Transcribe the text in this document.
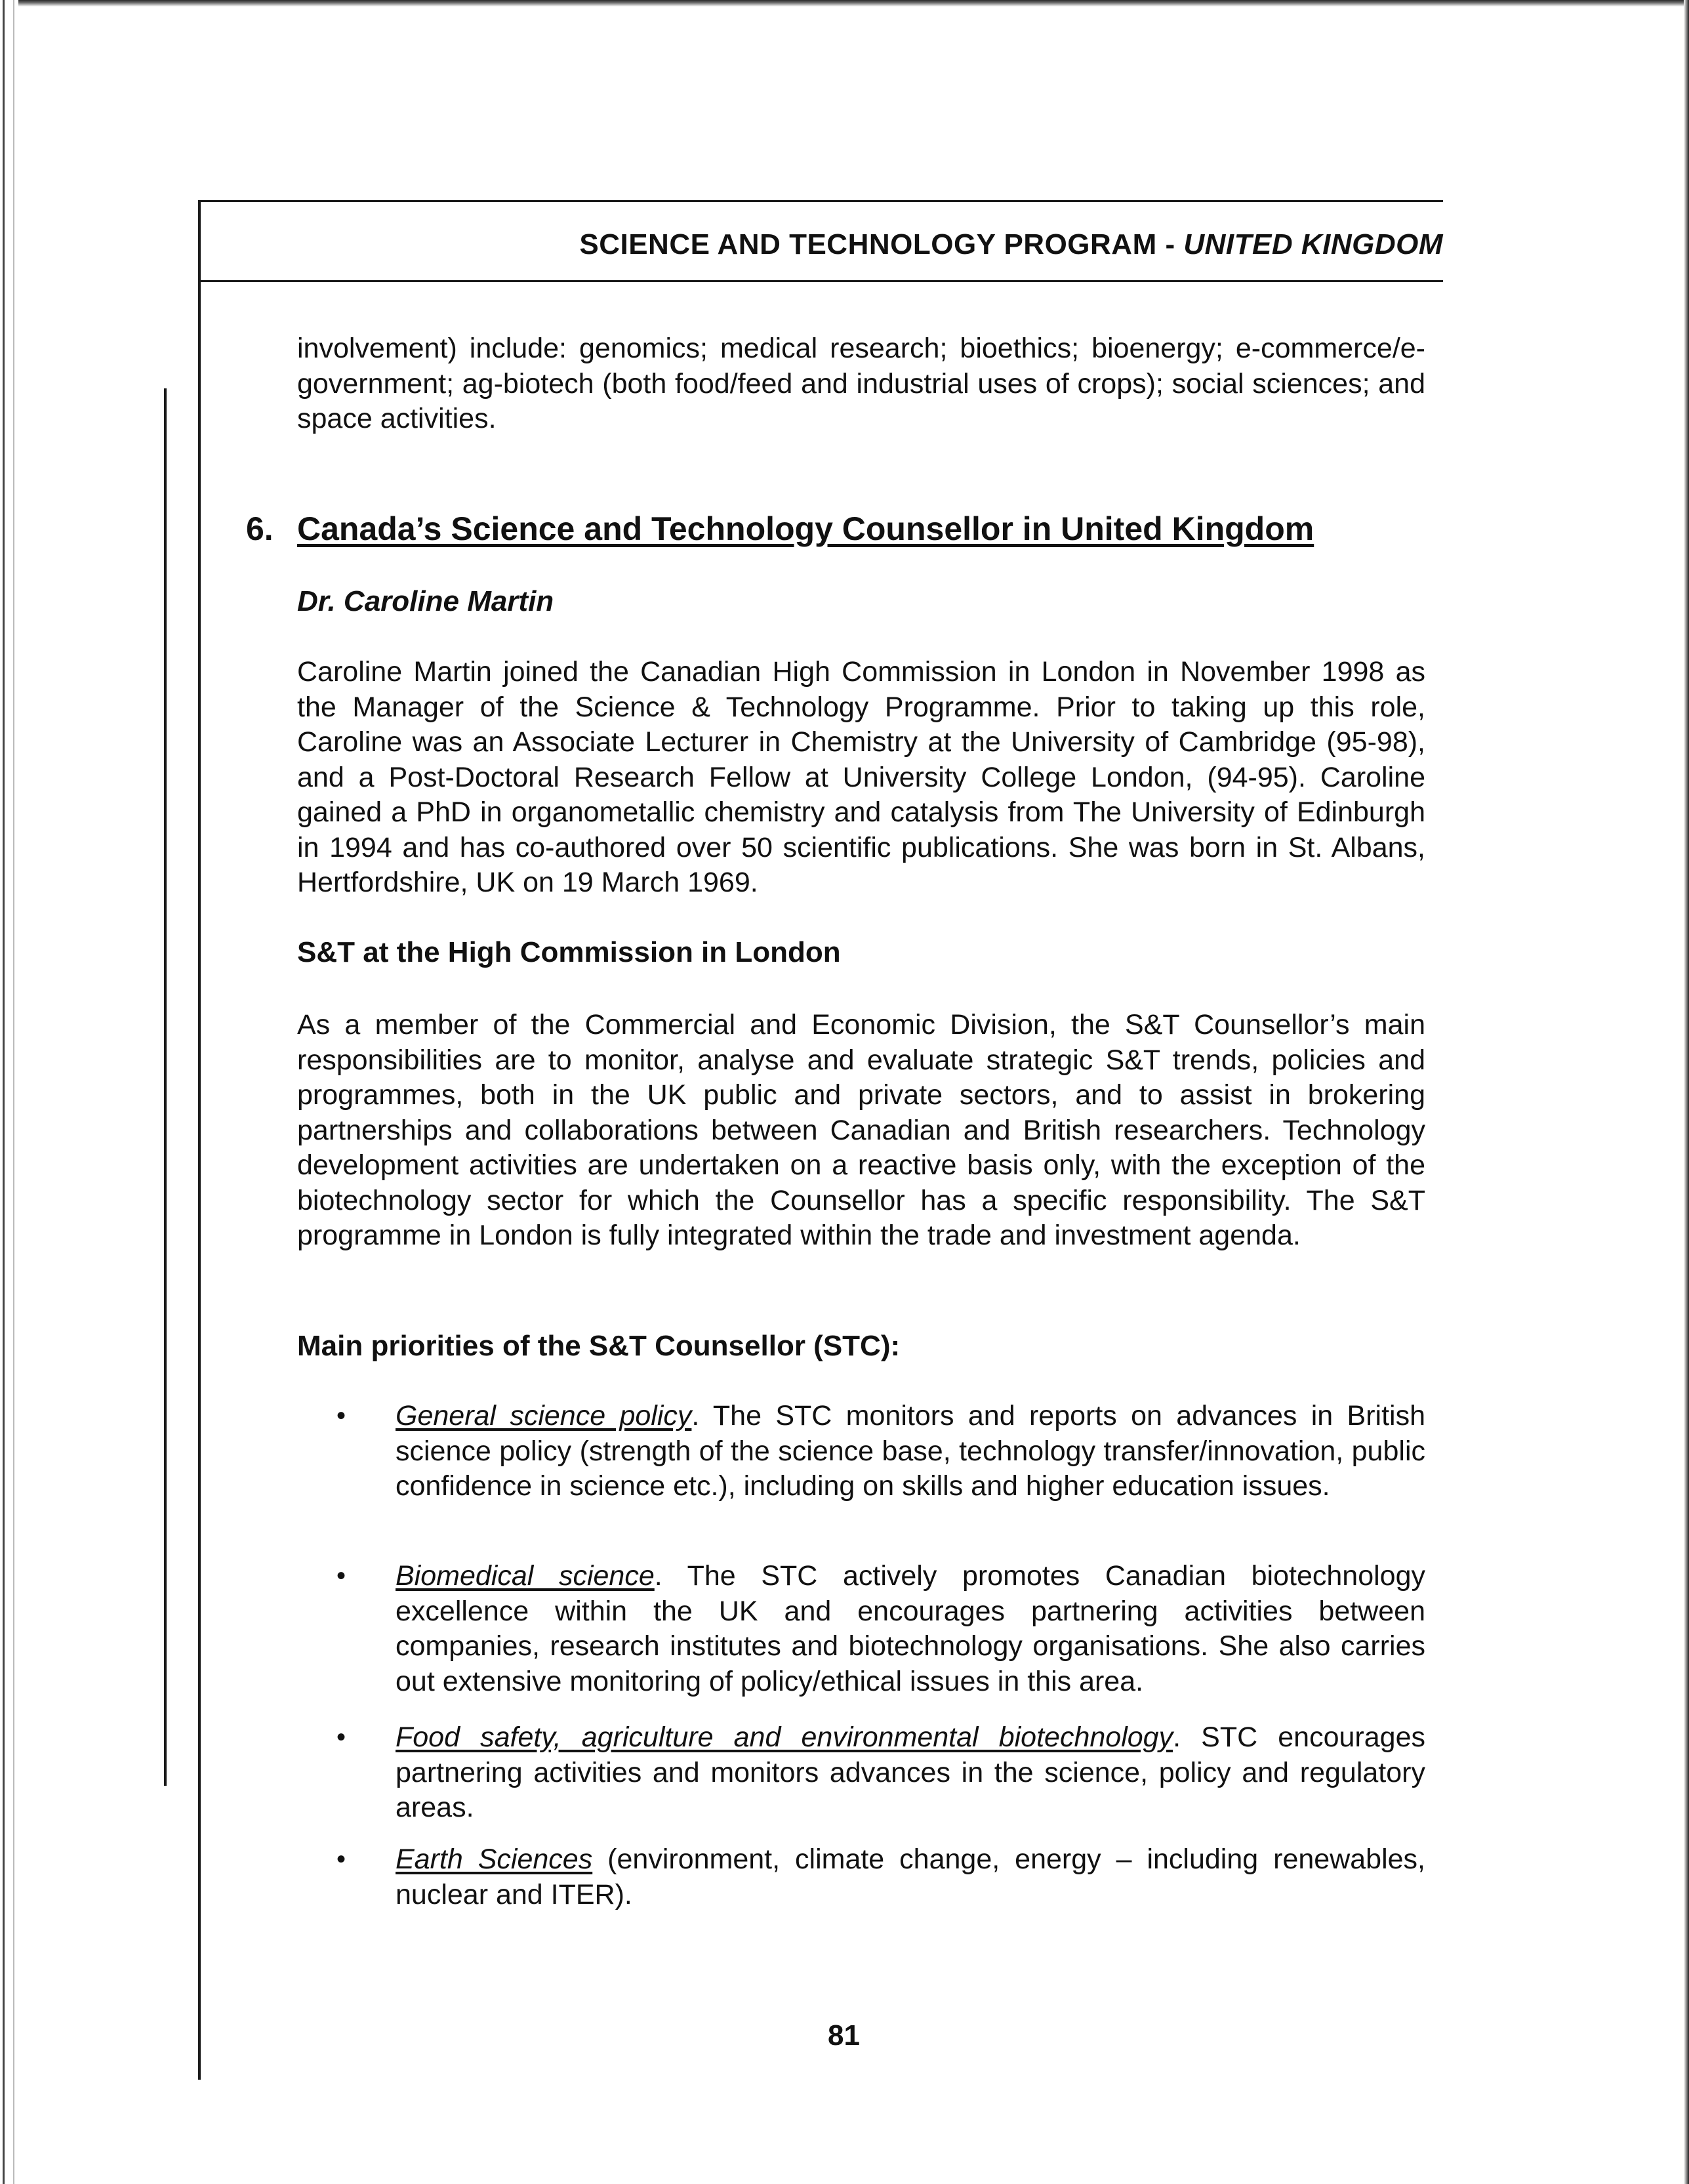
SCIENCE AND TECHNOLOGY PROGRAM - UNITED KINGDOM

involvement) include: genomics; medical research; bioethics; bioenergy; e-commerce/e-government; ag-biotech (both food/feed and industrial uses of crops); social sciences; and space activities.

6. Canada’s Science and Technology Counsellor in United Kingdom
Dr. Caroline Martin

Caroline Martin joined the Canadian High Commission in London in November 1998 as the Manager of the Science & Technology Programme. Prior to taking up this role, Caroline was an Associate Lecturer in Chemistry at the University of Cambridge (95-98), and a Post-Doctoral Research Fellow at University College London, (94-95). Caroline gained a PhD in organometallic chemistry and catalysis from The University of Edinburgh in 1994 and has co-authored over 50 scientific publications. She was born in St. Albans, Hertfordshire, UK on 19 March 1969.

S&T at the High Commission in London

As a member of the Commercial and Economic Division, the S&T Counsellor’s main responsibilities are to monitor, analyse and evaluate strategic S&T trends, policies and programmes, both in the UK public and private sectors, and to assist in brokering partnerships and collaborations between Canadian and British researchers. Technology development activities are undertaken on a reactive basis only, with the exception of the biotechnology sector for which the Counsellor has a specific responsibility. The S&T programme in London is fully integrated within the trade and investment agenda.

Main priorities of the S&T Counsellor (STC):
• General science policy. The STC monitors and reports on advances in British science policy (strength of the science base, technology transfer/innovation, public confidence in science etc.), including on skills and higher education issues.
• Biomedical science. The STC actively promotes Canadian biotechnology excellence within the UK and encourages partnering activities between companies, research institutes and biotechnology organisations. She also carries out extensive monitoring of policy/ethical issues in this area.
• Food safety, agriculture and environmental biotechnology. STC encourages partnering activities and monitors advances in the science, policy and regulatory areas.
• Earth Sciences (environment, climate change, energy – including renewables, nuclear and ITER).
81
